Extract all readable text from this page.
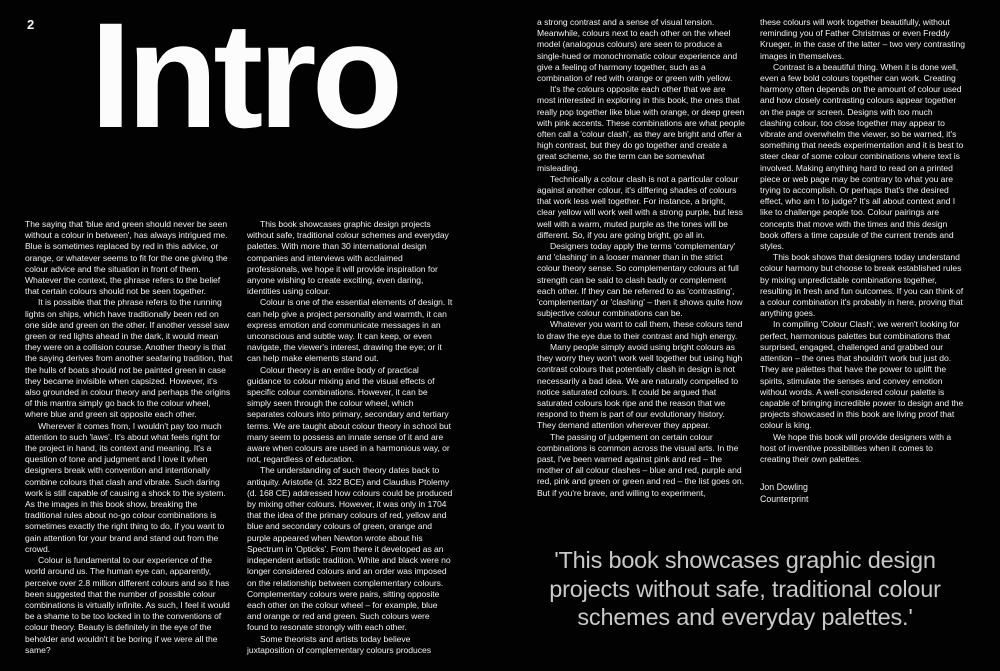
2 Intro

The saying that 'blue and green should never be seen without a colour in between', has always intrigued me. Blue is sometimes replaced by red in this advice, or orange, or whatever seems to fit for the one giving the colour advice and the situation in front of them. Whatever the context, the phrase refers to the belief that certain colours should not be seen together.

It is possible that the phrase refers to the running lights on ships, which have traditionally been red on one side and green on the other. If another vessel saw green or red lights ahead in the dark, it would mean they were on a collision course. Another theory is that the saying derives from another seafaring tradition, that the hulls of boats should not be painted green in case they became invisible when capsized. However, it's also grounded in colour theory and perhaps the origins of this mantra simply go back to the colour wheel, where blue and green sit opposite each other.

Wherever it comes from, I wouldn't pay too much attention to such 'laws'. It's about what feels right for the project in hand, its context and meaning. It's a question of tone and judgment and I love it when designers break with convention and intentionally combine colours that clash and vibrate. Such daring work is still capable of causing a shock to the system. As the images in this book show, breaking the traditional rules about no-go colour combinations is sometimes exactly the right thing to do, if you want to gain attention for your brand and stand out from the crowd.

Colour is fundamental to our experience of the world around us. The human eye can, apparently, perceive over 2.8 million different colours and so it has been suggested that the number of possible colour combinations is virtually infinite. As such, I feel it would be a shame to be too locked in to the conventions of colour theory. Beauty is definitely in the eye of the beholder and wouldn't it be boring if we were all the same?

This book showcases graphic design projects without safe, traditional colour schemes and everyday palettes. With more than 30 international design companies and interviews with acclaimed professionals, we hope it will provide inspiration for anyone wishing to create exciting, even daring, identities using colour.

Colour is one of the essential elements of design. It can help give a project personality and warmth, it can express emotion and communicate messages in an unconscious and subtle way. It can keep, or even navigate, the viewer's interest, drawing the eye; or it can help make elements stand out.

Colour theory is an entire body of practical guidance to colour mixing and the visual effects of specific colour combinations. However, it can be simply seen through the colour wheel, which separates colours into primary, secondary and tertiary terms. We are taught about colour theory in school but many seem to possess an innate sense of it and are aware when colours are used in a harmonious way, or not, regardless of education.

The understanding of such theory dates back to antiquity. Aristotle (d. 322 BCE) and Claudius Ptolemy (d. 168 CE) addressed how colours could be produced by mixing other colours. However, it was only in 1704 that the idea of the primary colours of red, yellow and blue and secondary colours of green, orange and purple appeared when Newton wrote about his Spectrum in 'Opticks'. From there it developed as an independent artistic tradition. White and black were no longer considered colours and an order was imposed on the relationship between complementary colours. Complementary colours were pairs, sitting opposite each other on the colour wheel – for example, blue and orange or red and green. Such colours were found to resonate strongly with each other.

Some theorists and artists today believe juxtaposition of complementary colours produces

a strong contrast and a sense of visual tension. Meanwhile, colours next to each other on the wheel model (analogous colours) are seen to produce a single-hued or monochromatic colour experience and give a feeling of harmony together, such as a combination of red with orange or green with yellow.

It's the colours opposite each other that we are most interested in exploring in this book, the ones that really pop together like blue with orange, or deep green with pink accents. These combinations are what people often call a 'colour clash', as they are bright and offer a high contrast, but they do go together and create a great scheme, so the term can be somewhat misleading.

Technically a colour clash is not a particular colour against another colour, it's differing shades of colours that work less well together. For instance, a bright, clear yellow will work well with a strong purple, but less well with a warm, muted purple as the tones will be different. So, if you are going bright, go all in.

Designers today apply the terms 'complementary' and 'clashing' in a looser manner than in the strict colour theory sense. So complementary colours at full strength can be said to clash badly or complement each other. If they can be referred to as 'contrasting', 'complementary' or 'clashing' – then it shows quite how subjective colour combinations can be.

Whatever you want to call them, these colours tend to draw the eye due to their contrast and high energy.

Many people simply avoid using bright colours as they worry they won't work well together but using high contrast colours that potentially clash in design is not necessarily a bad idea. We are naturally compelled to notice saturated colours. It could be argued that saturated colours look ripe and the reason that we respond to them is part of our evolutionary history. They demand attention wherever they appear.

The passing of judgement on certain colour combinations is common across the visual arts. In the past, I've been warned against pink and red – the mother of all colour clashes – blue and red, purple and red, pink and green or green and red – the list goes on. But if you're brave, and willing to experiment,

these colours will work together beautifully, without reminding you of Father Christmas or even Freddy Krueger, in the case of the latter – two very contrasting images in themselves.

Contrast is a beautiful thing. When it is done well, even a few bold colours together can work. Creating harmony often depends on the amount of colour used and how closely contrasting colours appear together on the page or screen. Designs with too much clashing colour, too close together may appear to vibrate and overwhelm the viewer, so be warned, it's something that needs experimentation and it is best to steer clear of some colour combinations where text is involved. Making anything hard to read on a printed piece or web page may be contrary to what you are trying to accomplish. Or perhaps that's the desired effect, who am I to judge? It's all about context and I like to challenge people too. Colour pairings are concepts that move with the times and this design book offers a time capsule of the current trends and styles.

This book shows that designers today understand colour harmony but choose to break established rules by mixing unpredictable combinations together, resulting in fresh and fun outcomes. If you can think of a colour combination it's probably in here, proving that anything goes.

In compiling 'Colour Clash', we weren't looking for perfect, harmonious palettes but combinations that surprised, engaged, challenged and grabbed our attention – the ones that shouldn't work but just do. They are palettes that have the power to uplift the spirits, stimulate the senses and convey emotion without words. A well-considered colour palette is capable of bringing incredible power to design and the projects showcased in this book are living proof that colour is king.

We hope this book will provide designers with a host of inventive possibilities when it comes to creating their own palettes.

Jon Dowling
Counterprint
'This book showcases graphic design
projects without safe, traditional colour
schemes and everyday palettes.'
